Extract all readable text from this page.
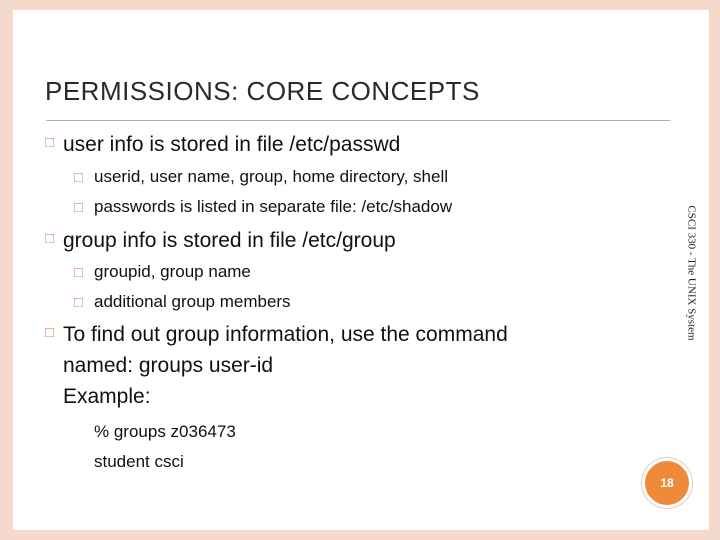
PERMISSIONS: CORE CONCEPTS
□ user info is stored in file /etc/passwd
□ userid, user name, group, home directory, shell
□ passwords is listed in separate file: /etc/shadow
□ group info is stored in file /etc/group
□ groupid, group name
□ additional group members
□ To find out group information, use the command
named: groups user-id
Example:
% groups z036473
student csci
CSCI 330 - The UNIX System
18
